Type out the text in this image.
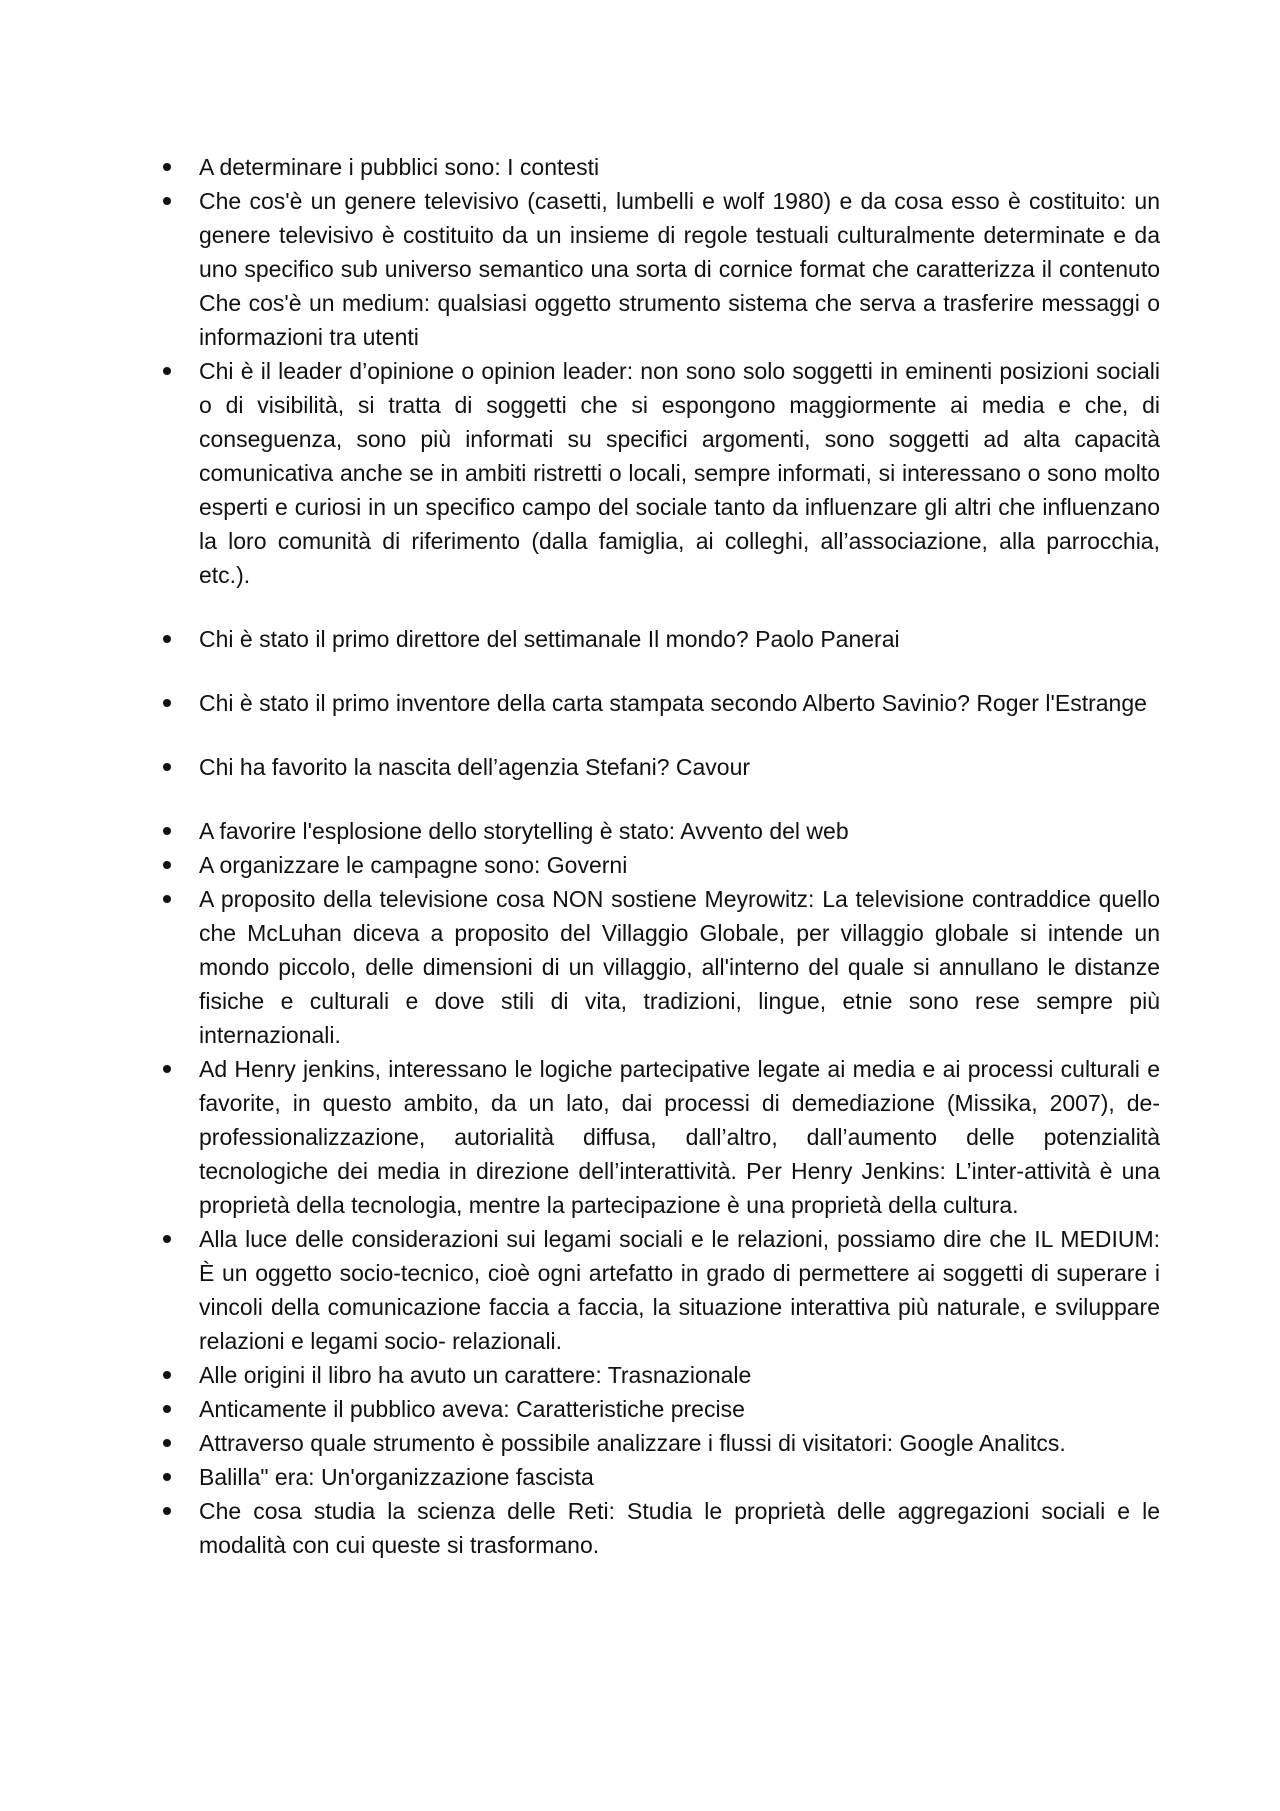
A determinare i pubblici sono: I contesti
Che cos'è un genere televisivo (casetti, lumbelli e wolf 1980) e da cosa esso è costituito: un genere televisivo è costituito da un insieme di regole testuali culturalmente determinate e da uno specifico sub universo semantico una sorta di cornice format che caratterizza il contenuto Che cos'è un medium: qualsiasi oggetto strumento sistema che serva a trasferire messaggi o informazioni tra utenti
Chi è il leader d’opinione o opinion leader: non sono solo soggetti in eminenti posizioni sociali o di visibilità, si tratta di soggetti che si espongono maggiormente ai media e che, di conseguenza, sono più informati su specifici argomenti, sono soggetti ad alta capacità comunicativa anche se in ambiti ristretti o locali, sempre informati, si interessano o sono molto esperti e curiosi in un specifico campo del sociale tanto da influenzare gli altri che influenzano la loro comunità di riferimento (dalla famiglia, ai colleghi, all’associazione, alla parrocchia, etc.).
Chi è stato il primo direttore del settimanale Il mondo? Paolo Panerai
Chi è stato il primo inventore della carta stampata secondo Alberto Savinio? Roger l'Estrange
Chi ha favorito la nascita dell’agenzia Stefani? Cavour
A favorire l'esplosione dello storytelling è stato: Avvento del web
A organizzare le campagne sono: Governi
A proposito della televisione cosa NON sostiene Meyrowitz: La televisione contraddice quello che McLuhan diceva a proposito del Villaggio Globale, per villaggio globale si intende un mondo piccolo, delle dimensioni di un villaggio, all'interno del quale si annullano le distanze fisiche e culturali e dove stili di vita, tradizioni, lingue, etnie sono rese sempre più internazionali.
Ad Henry jenkins, interessano le logiche partecipative legate ai media e ai processi culturali e favorite, in questo ambito, da un lato, dai processi di demediazione (Missika, 2007), de- professionalizzazione, autorialità diffusa, dall’altro, dall’aumento delle potenzialità tecnologiche dei media in direzione dell’interattività. Per Henry Jenkins: L’inter-attività è una proprietà della tecnologia, mentre la partecipazione è una proprietà della cultura.
Alla luce delle considerazioni sui legami sociali e le relazioni, possiamo dire che IL MEDIUM: È un oggetto socio-tecnico, cioè ogni artefatto in grado di permettere ai soggetti di superare i vincoli della comunicazione faccia a faccia, la situazione interattiva più naturale, e sviluppare relazioni e legami socio- relazionali.
Alle origini il libro ha avuto un carattere: Trasnazionale
Anticamente il pubblico aveva: Caratteristiche precise
Attraverso quale strumento è possibile analizzare i flussi di visitatori: Google Analitcs.
Balilla" era: Un'organizzazione fascista
Che cosa studia la scienza delle Reti: Studia le proprietà delle aggregazioni sociali e le modalità con cui queste si trasformano.
